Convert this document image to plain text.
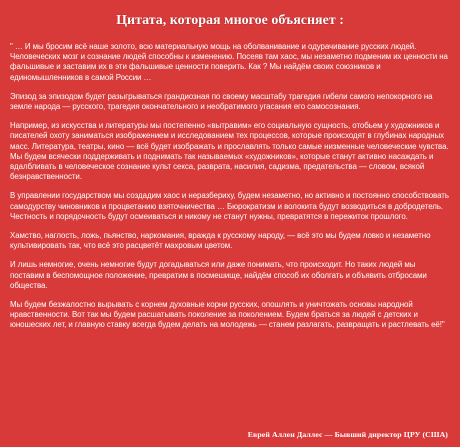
Цитата, которая многое объясняет :

" … И мы бросим всё наше золото, всю материальную мощь на оболванивание и одурачивание русских людей. Человеческих мозг и сознание людей способны к изменению. Посеяв там хаос, мы незаметно подменим их ценности на фальшивые и заставим их в эти фальшивые ценности поверить. Как ? Мы найдём своих союзников и единомышленников в самой России …

Эпизод за эпизодом будет разыгрываться грандиозная по своему масштабу трагедия гибели самого непокорного на земле народа — русского, трагедия окончательного и необратимого угасания его самосознания.

Например, из искусства и литературы мы постепенно «вытравим» его социальную сущность, отобьем у художников и писателей охоту заниматься изображением и исследованием тех процессов, которые происходят в глубинах народных масс. Литература, театры, кино — всё будет изображать и прославлять только самые низменные человеческие чувства. Мы будем всячески поддерживать и поднимать так называемых «художников», которые станут активно насаждать и вдалбливать в человеческое сознание культ секса, разврата, насилия, садизма, предательства — словом, всякой безнравственности.

В управлении государством мы создадим хаос и неразбериху, будем незаметно, но активно и постоянно способствовать самодурству чиновников и процветанию взяточничества … Бюрократизм и волокита будут возводиться в добродетель. Честность и порядочность будут осмеиваться и никому не станут нужны, превратятся в пережиток прошлого.

Хамство, наглость, ложь, пьянство, наркомания, вражда к русскому народу, — всё это мы будем ловко и незаметно культивировать так, что всё это расцветёт махровым цветом.

И лишь немногие, очень немногие будут догадываться или даже понимать, что происходит. Но таких людей мы поставим в беспомощное положение, превратим в посмешище, найдём способ их оболгать и объявить отбросами общества.

Мы будем безжалостно вырывать с корнем духовные корни русских, опошлять и уничтожать основы народной нравственности. Вот так мы будем расшатывать поколение за поколением. Будем браться за людей с детских и юношеских лет, и главную ставку всегда будем делать на молодежь — станем разлагать, развращать и растлевать её!"

Еврей Аллен Даллес — Бывший директор ЦРУ (США)
